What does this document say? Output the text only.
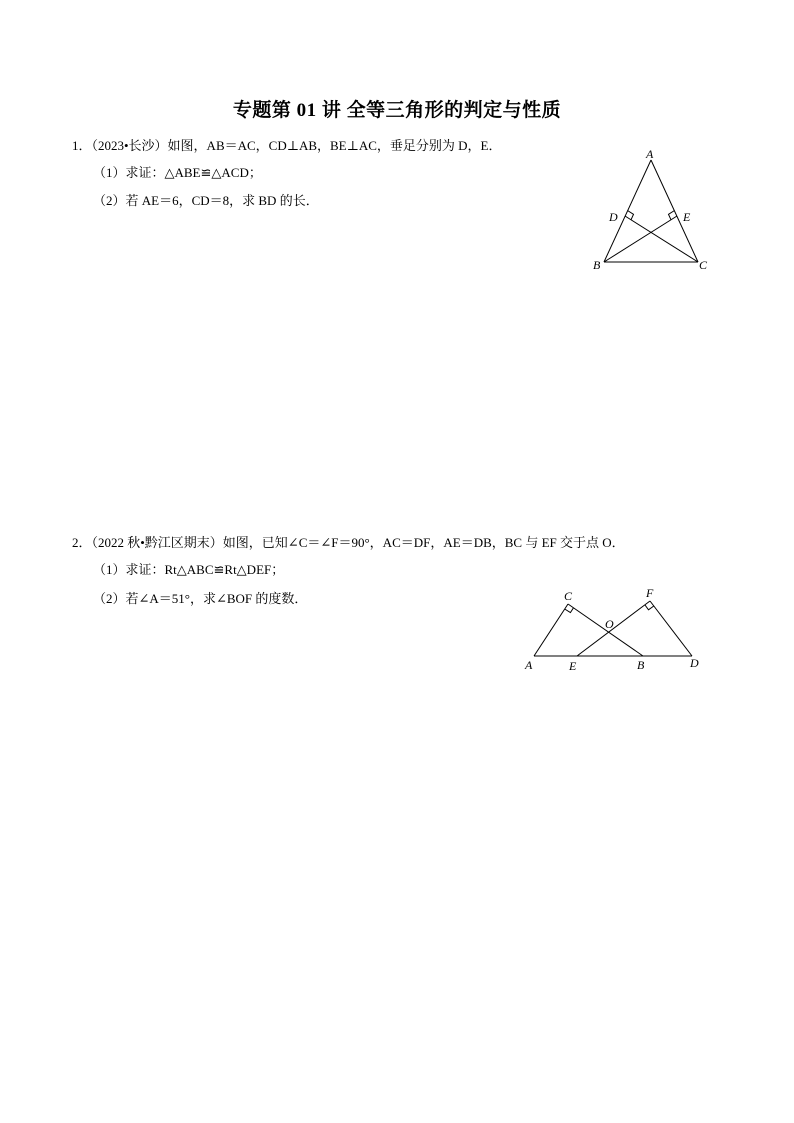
专题第 01 讲 全等三角形的判定与性质
1．（2023•长沙）如图，AB＝AC，CD⊥AB，BE⊥AC，垂足分别为 D，E．
（1）求证：△ABE≌△ACD；
（2）若 AE＝6，CD＝8，求 BD 的长．
A
B	C
D	E
2．（2022 秋•黔江区期末）如图，已知∠C＝∠F＝90°，AC＝DF，AE＝DB，BC 与 EF 交于点 O．
（1）求证：Rt△ABC≌Rt△DEF；
（2）若∠A＝51°，求∠BOF 的度数．
A	B
C
D
E
F
O
